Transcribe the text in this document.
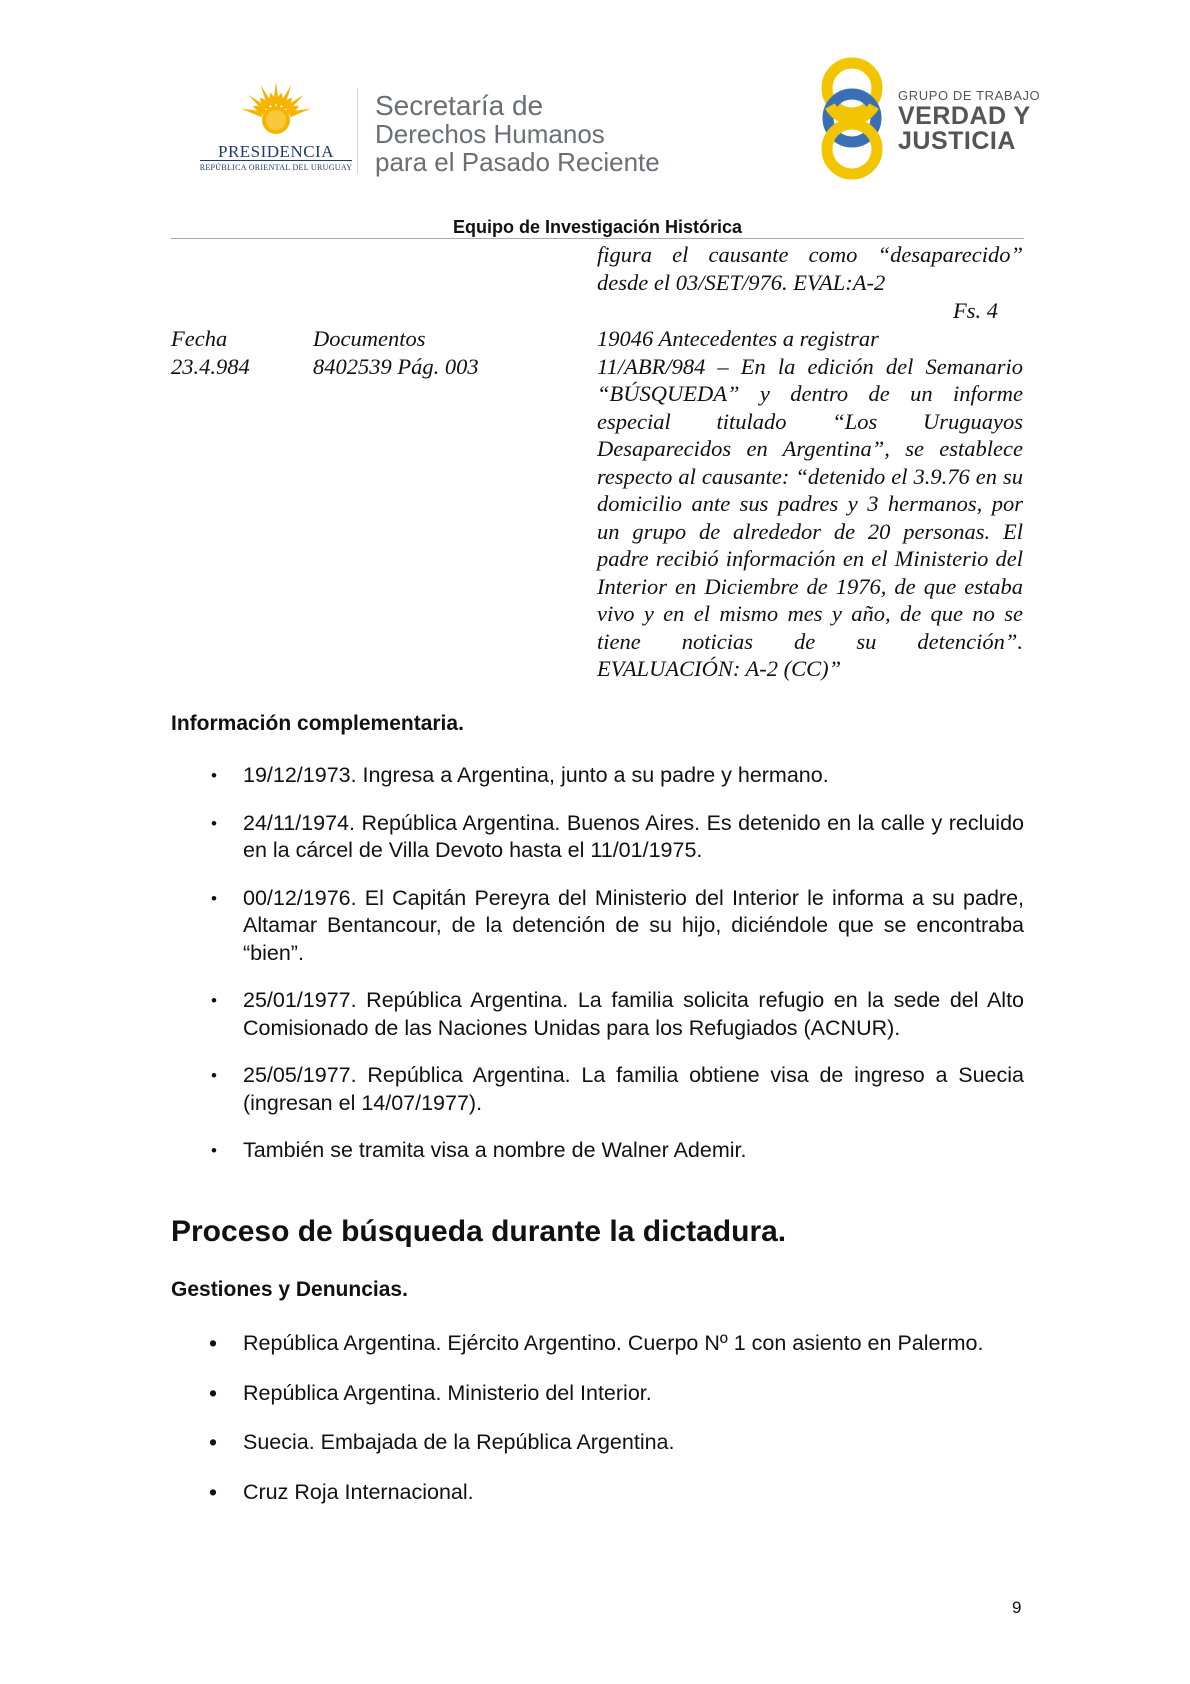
PRESIDENCIA
REPÚBLICA ORIENTAL DEL URUGUAY
Secretaría de
Derechos Humanos
para el Pasado Reciente
GRUPO DE TRABAJO
VERDAD Y
JUSTICIA
Equipo de Investigación Histórica

figura el causante como “desaparecido”

desde el 03/SET/976. EVAL:A-2

Fs. 4
Fecha
23.4.984
Documentos
8402539 Pág. 003

19046 Antecedentes a registrar

11/ABR/984 – En la edición del Semanario “BÚSQUEDA” y dentro de un informe especial titulado “Los Uruguayos Desaparecidos en Argentina”, se establece respecto al causante: “detenido el 3.9.76 en su domicilio ante sus padres y 3 hermanos, por un grupo de alrededor de 20 personas. El padre recibió información en el Ministerio del Interior en Diciembre de 1976, de que estaba vivo y en el mismo mes y año, de que no se tiene noticias de su detención”. EVALUACIÓN: A-2 (CC)”

Información complementaria.
• 19/12/1973. Ingresa a Argentina, junto a su padre y hermano.
• 24/11/1974. República Argentina. Buenos Aires. Es detenido en la calle y recluido en la cárcel de Villa Devoto hasta el 11/01/1975.
• 00/12/1976. El Capitán Pereyra del Ministerio del Interior le informa a su padre, Altamar Bentancour, de la detención de su hijo, diciéndole que se encontraba “bien”.
• 25/01/1977. República Argentina. La familia solicita refugio en la sede del Alto Comisionado de las Naciones Unidas para los Refugiados (ACNUR).
• 25/05/1977. República Argentina. La familia obtiene visa de ingreso a Suecia (ingresan el 14/07/1977).
• También se tramita visa a nombre de Walner Ademir.
Proceso de búsqueda durante la dictadura.
Gestiones y Denuncias.
• República Argentina. Ejército Argentino. Cuerpo Nº 1 con asiento en Palermo.
• República Argentina. Ministerio del Interior.
• Suecia. Embajada de la República Argentina.
• Cruz Roja Internacional.
9
